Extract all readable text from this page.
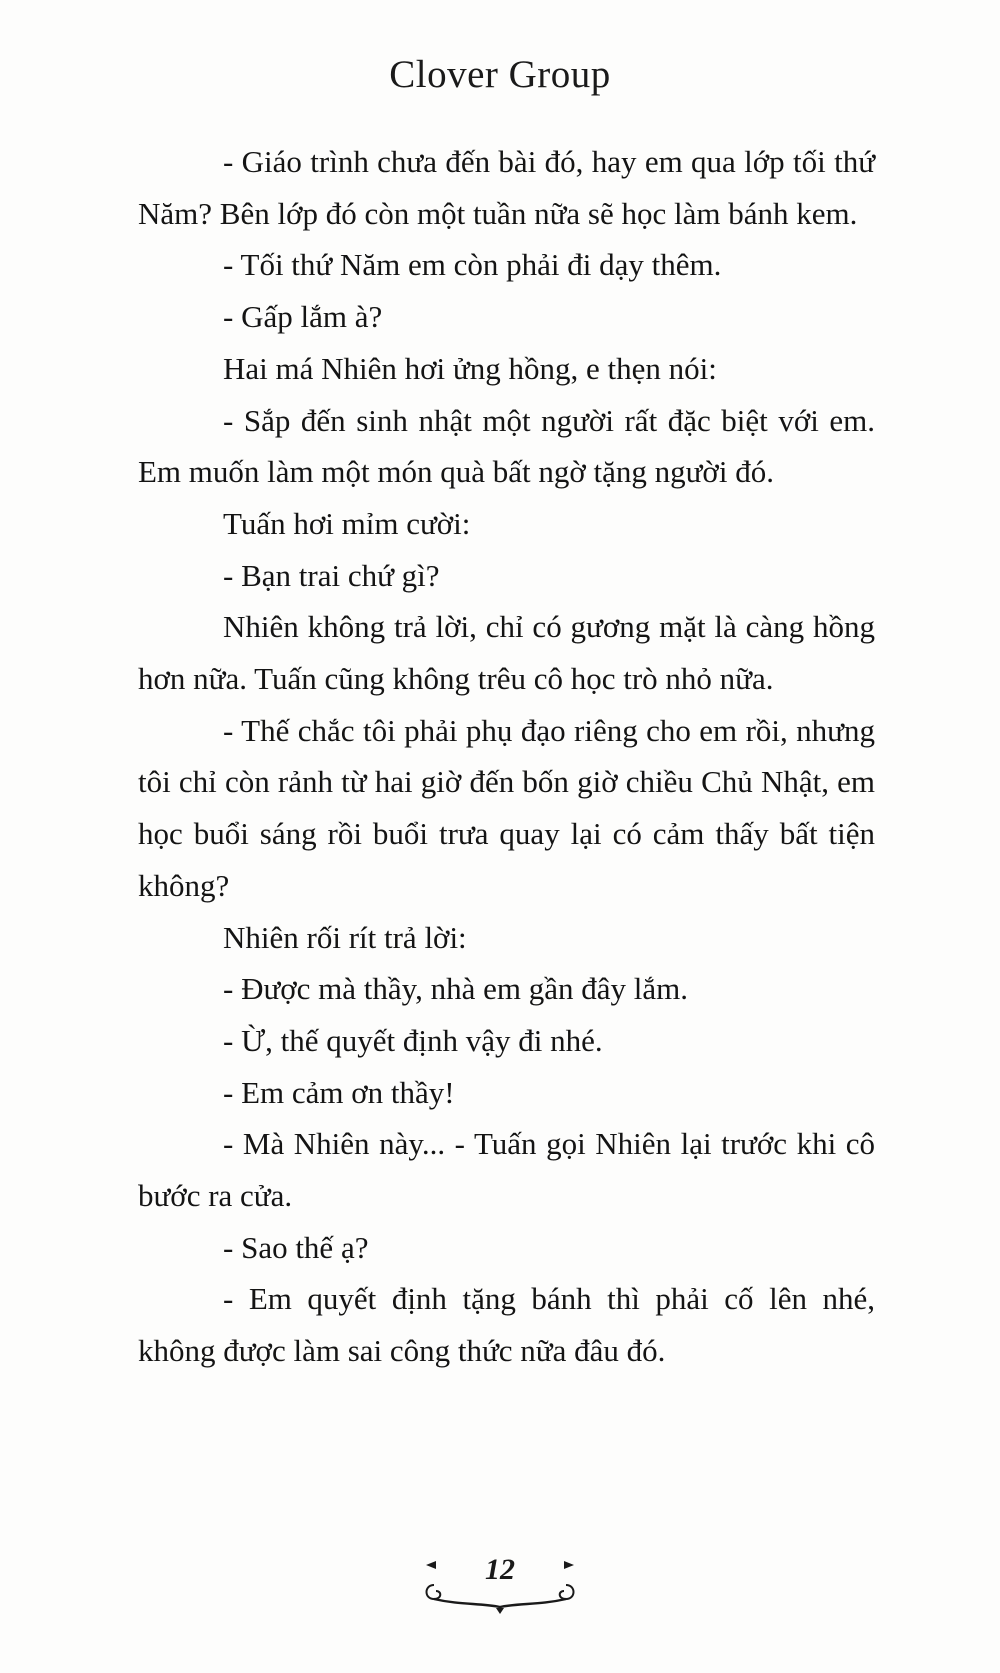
Clover Group

- Giáo trình chưa đến bài đó, hay em qua lớp tối thứ Năm? Bên lớp đó còn một tuần nữa sẽ học làm bánh kem.

- Tối thứ Năm em còn phải đi dạy thêm.

- Gấp lắm à?

Hai má Nhiên hơi ửng hồng, e thẹn nói:

- Sắp đến sinh nhật một người rất đặc biệt với em. Em muốn làm một món quà bất ngờ tặng người đó.

Tuấn hơi mỉm cười:

- Bạn trai chứ gì?

Nhiên không trả lời, chỉ có gương mặt là càng hồng hơn nữa. Tuấn cũng không trêu cô học trò nhỏ nữa.

- Thế chắc tôi phải phụ đạo riêng cho em rồi, nhưng tôi chỉ còn rảnh từ hai giờ đến bốn giờ chiều Chủ Nhật, em học buổi sáng rồi buổi trưa quay lại có cảm thấy bất tiện không?

Nhiên rối rít trả lời:

- Được mà thầy, nhà em gần đây lắm.

- Ừ, thế quyết định vậy đi nhé.

- Em cảm ơn thầy!

- Mà Nhiên này... - Tuấn gọi Nhiên lại trước khi cô bước ra cửa.

- Sao thế ạ?

- Em quyết định tặng bánh thì phải cố lên nhé, không được làm sai công thức nữa đâu đó.

12
